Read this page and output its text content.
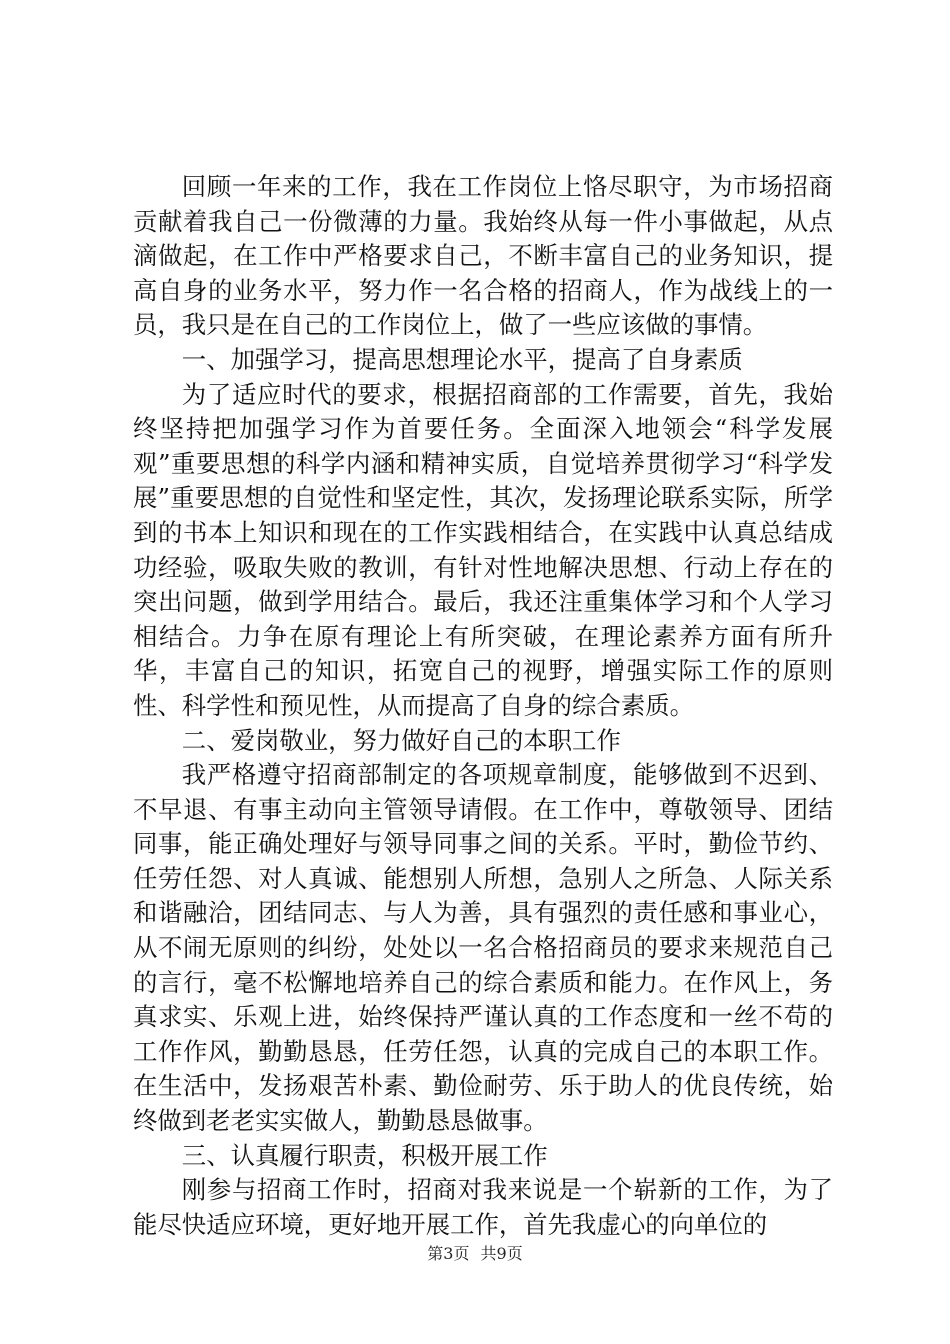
回顾一年来的工作，我在工作岗位上恪尽职守，为市场招商贡献着我自己一份微薄的力量。我始终从每一件小事做起，从点滴做起，在工作中严格要求自己，不断丰富自己的业务知识，提高自身的业务水平，努力作一名合格的招商人，作为战线上的一员，我只是在自己的工作岗位上，做了一些应该做的事情。

一、加强学习，提高思想理论水平，提高了自身素质

为了适应时代的要求，根据招商部的工作需要，首先，我始终坚持把加强学习作为首要任务。全面深入地领会“科学发展观”重要思想的科学内涵和精神实质，自觉培养贯彻学习“科学发展”重要思想的自觉性和坚定性，其次，发扬理论联系实际，所学到的书本上知识和现在的工作实践相结合，在实践中认真总结成功经验，吸取失败的教训，有针对性地解决思想、行动上存在的突出问题，做到学用结合。最后，我还注重集体学习和个人学习相结合。力争在原有理论上有所突破，在理论素养方面有所升华，丰富自己的知识，拓宽自己的视野，增强实际工作的原则性、科学性和预见性，从而提高了自身的综合素质。

二、爱岗敬业，努力做好自己的本职工作

我严格遵守招商部制定的各项规章制度，能够做到不迟到、不早退、有事主动向主管领导请假。在工作中，尊敬领导、团结同事，能正确处理好与领导同事之间的关系。平时，勤俭节约、任劳任怨、对人真诚、能想别人所想，急别人之所急、人际关系和谐融洽，团结同志、与人为善，具有强烈的责任感和事业心，从不闹无原则的纠纷，处处以一名合格招商员的要求来规范自己的言行，毫不松懈地培养自己的综合素质和能力。在作风上，务真求实、乐观上进，始终保持严谨认真的工作态度和一丝不苟的工作作风，勤勤恳恳，任劳任怨，认真的完成自己的本职工作。在生活中，发扬艰苦朴素、勤俭耐劳、乐于助人的优良传统，始终做到老老实实做人，勤勤恳恳做事。

三、认真履行职责，积极开展工作

刚参与招商工作时，招商对我来说是一个崭新的工作，为了能尽快适应环境，更好地开展工作，首先我虚心的向单位的

第3页 共9页
